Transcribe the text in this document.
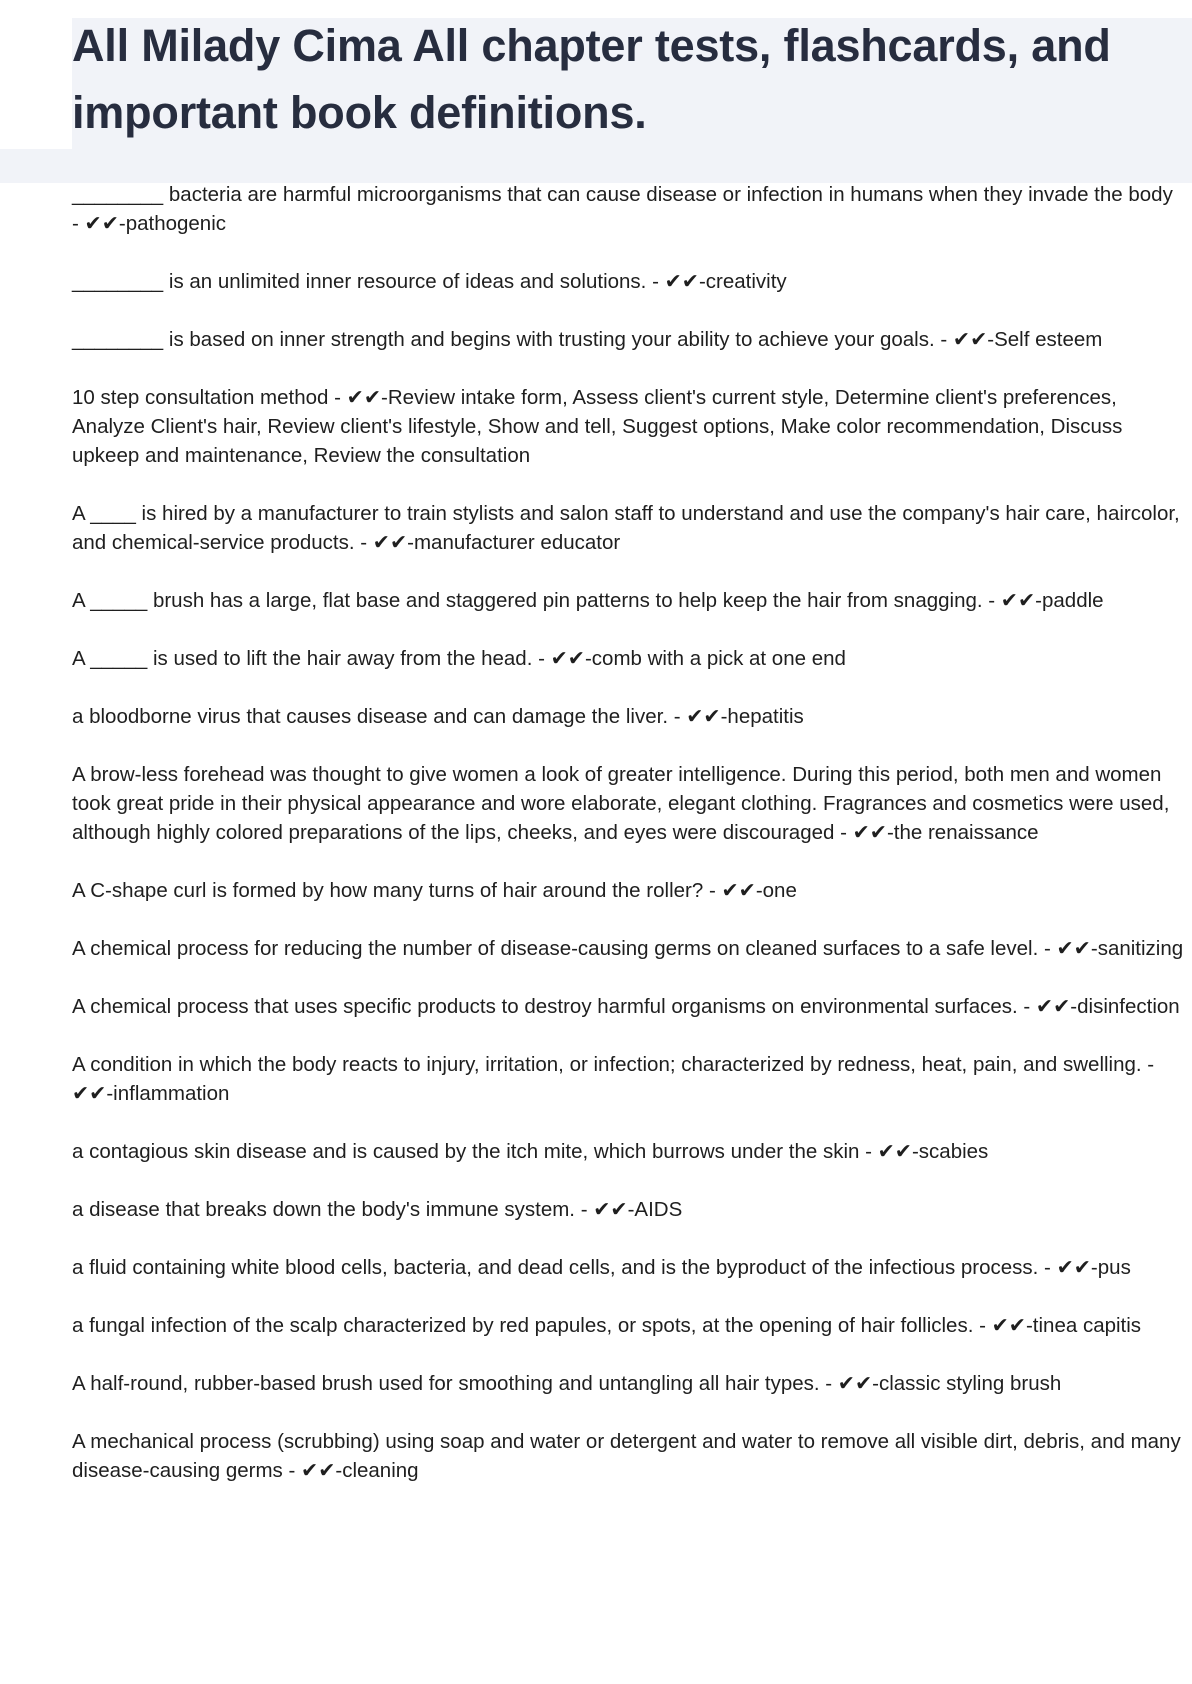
All Milady Cima All chapter tests, flashcards, and important book definitions.
________ bacteria are harmful microorganisms that can cause disease or infection in humans when they invade the body - ✔✔-pathogenic
________ is an unlimited inner resource of ideas and solutions. - ✔✔-creativity
________ is based on inner strength and begins with trusting your ability to achieve your goals. - ✔✔-Self esteem
10 step consultation method - ✔✔-Review intake form, Assess client's current style, Determine client's preferences, Analyze Client's hair, Review client's lifestyle, Show and tell, Suggest options, Make color recommendation, Discuss upkeep and maintenance, Review the consultation
A ____ is hired by a manufacturer to train stylists and salon staff to understand and use the company's hair care, haircolor, and chemical-service products. - ✔✔-manufacturer educator
A _____ brush has a large, flat base and staggered pin patterns to help keep the hair from snagging. - ✔✔-paddle
A _____ is used to lift the hair away from the head. - ✔✔-comb with a pick at one end
a bloodborne virus that causes disease and can damage the liver. - ✔✔-hepatitis
A brow-less forehead was thought to give women a look of greater intelligence. During this period, both men and women took great pride in their physical appearance and wore elaborate, elegant clothing. Fragrances and cosmetics were used, although highly colored preparations of the lips, cheeks, and eyes were discouraged - ✔✔-the renaissance
A C-shape curl is formed by how many turns of hair around the roller? - ✔✔-one
A chemical process for reducing the number of disease-causing germs on cleaned surfaces to a safe level. - ✔✔-sanitizing
A chemical process that uses specific products to destroy harmful organisms on environmental surfaces. - ✔✔-disinfection
A condition in which the body reacts to injury, irritation, or infection; characterized by redness, heat, pain, and swelling. - ✔✔-inflammation
a contagious skin disease and is caused by the itch mite, which burrows under the skin - ✔✔-scabies
a disease that breaks down the body's immune system. - ✔✔-AIDS
a fluid containing white blood cells, bacteria, and dead cells, and is the byproduct of the infectious process. - ✔✔-pus
a fungal infection of the scalp characterized by red papules, or spots, at the opening of hair follicles. - ✔✔-tinea capitis
A half-round, rubber-based brush used for smoothing and untangling all hair types. - ✔✔-classic styling brush
A mechanical process (scrubbing) using soap and water or detergent and water to remove all visible dirt, debris, and many disease-causing germs - ✔✔-cleaning
